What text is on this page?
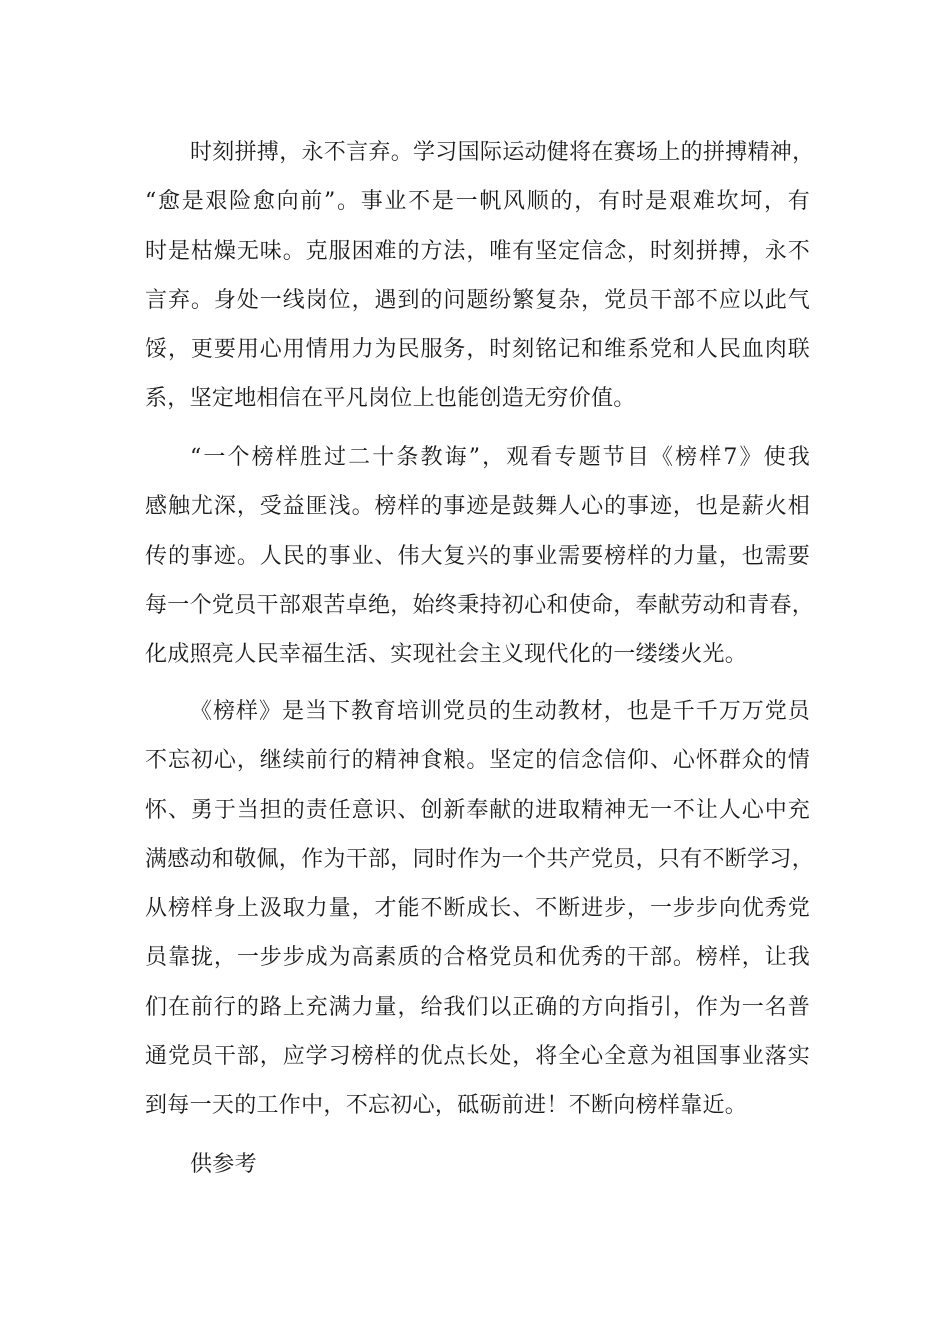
时刻拼搏，永不言弃。学习国际运动健将在赛场上的拼搏精神，
“愈是艰险愈向前”。事业不是一帆风顺的，有时是艰难坎坷，有
时是枯燥无味。克服困难的方法，唯有坚定信念，时刻拼搏，永不
言弃。身处一线岗位，遇到的问题纷繁复杂，党员干部不应以此气
馁，更要用心用情用力为民服务，时刻铭记和维系党和人民血肉联
系，坚定地相信在平凡岗位上也能创造无穷价值。
“一个榜样胜过二十条教诲”，观看专题节目《榜样7》使我
感触尤深，受益匪浅。榜样的事迹是鼓舞人心的事迹，也是薪火相
传的事迹。人民的事业、伟大复兴的事业需要榜样的力量，也需要
每一个党员干部艰苦卓绝，始终秉持初心和使命，奉献劳动和青春，
化成照亮人民幸福生活、实现社会主义现代化的一缕缕火光。
《榜样》是当下教育培训党员的生动教材，也是千千万万党员
不忘初心，继续前行的精神食粮。坚定的信念信仰、心怀群众的情
怀、勇于当担的责任意识、创新奉献的进取精神无一不让人心中充
满感动和敬佩，作为干部，同时作为一个共产党员，只有不断学习，
从榜样身上汲取力量，才能不断成长、不断进步，一步步向优秀党
员靠拢，一步步成为高素质的合格党员和优秀的干部。榜样，让我
们在前行的路上充满力量，给我们以正确的方向指引，作为一名普
通党员干部，应学习榜样的优点长处，将全心全意为祖国事业落实
到每一天的工作中，不忘初心，砥砺前进！不断向榜样靠近。
供参考
